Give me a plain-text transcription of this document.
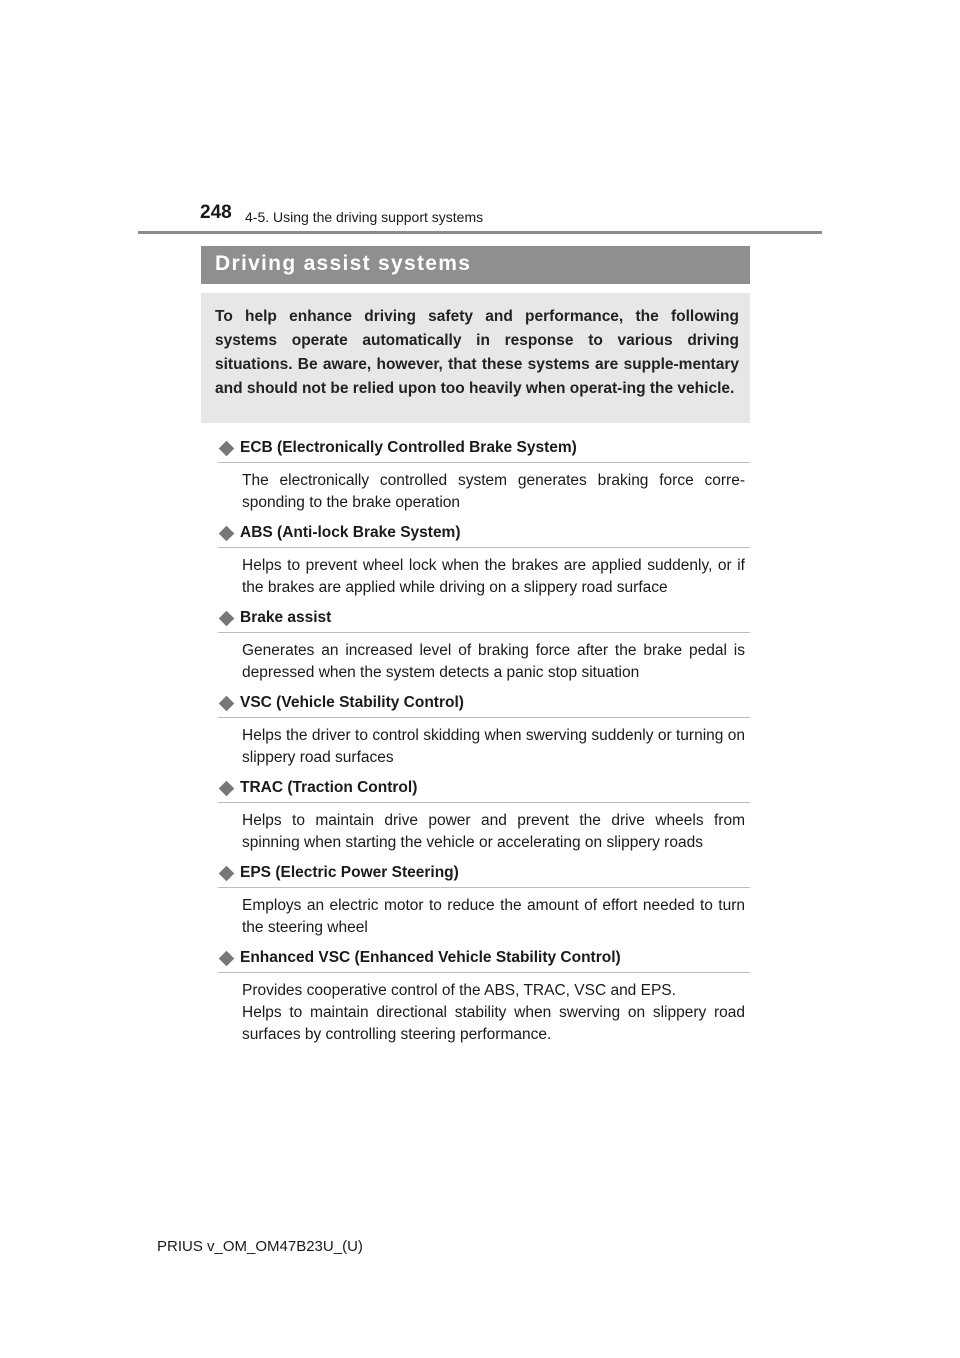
248 4-5. Using the driving support systems
Driving assist systems
To help enhance driving safety and performance, the following systems operate automatically in response to various driving situations. Be aware, however, that these systems are supple-mentary and should not be relied upon too heavily when operat-ing the vehicle.
ECB (Electronically Controlled Brake System)
The electronically controlled system generates braking force corre-sponding to the brake operation
ABS (Anti-lock Brake System)
Helps to prevent wheel lock when the brakes are applied suddenly, or if the brakes are applied while driving on a slippery road surface
Brake assist
Generates an increased level of braking force after the brake pedal is depressed when the system detects a panic stop situation
VSC (Vehicle Stability Control)
Helps the driver to control skidding when swerving suddenly or turning on slippery road surfaces
TRAC (Traction Control)
Helps to maintain drive power and prevent the drive wheels from spinning when starting the vehicle or accelerating on slippery roads
EPS (Electric Power Steering)
Employs an electric motor to reduce the amount of effort needed to turn the steering wheel
Enhanced VSC (Enhanced Vehicle Stability Control)
Provides cooperative control of the ABS, TRAC, VSC and EPS.
Helps to maintain directional stability when swerving on slippery road surfaces by controlling steering performance.
PRIUS v_OM_OM47B23U_(U)
